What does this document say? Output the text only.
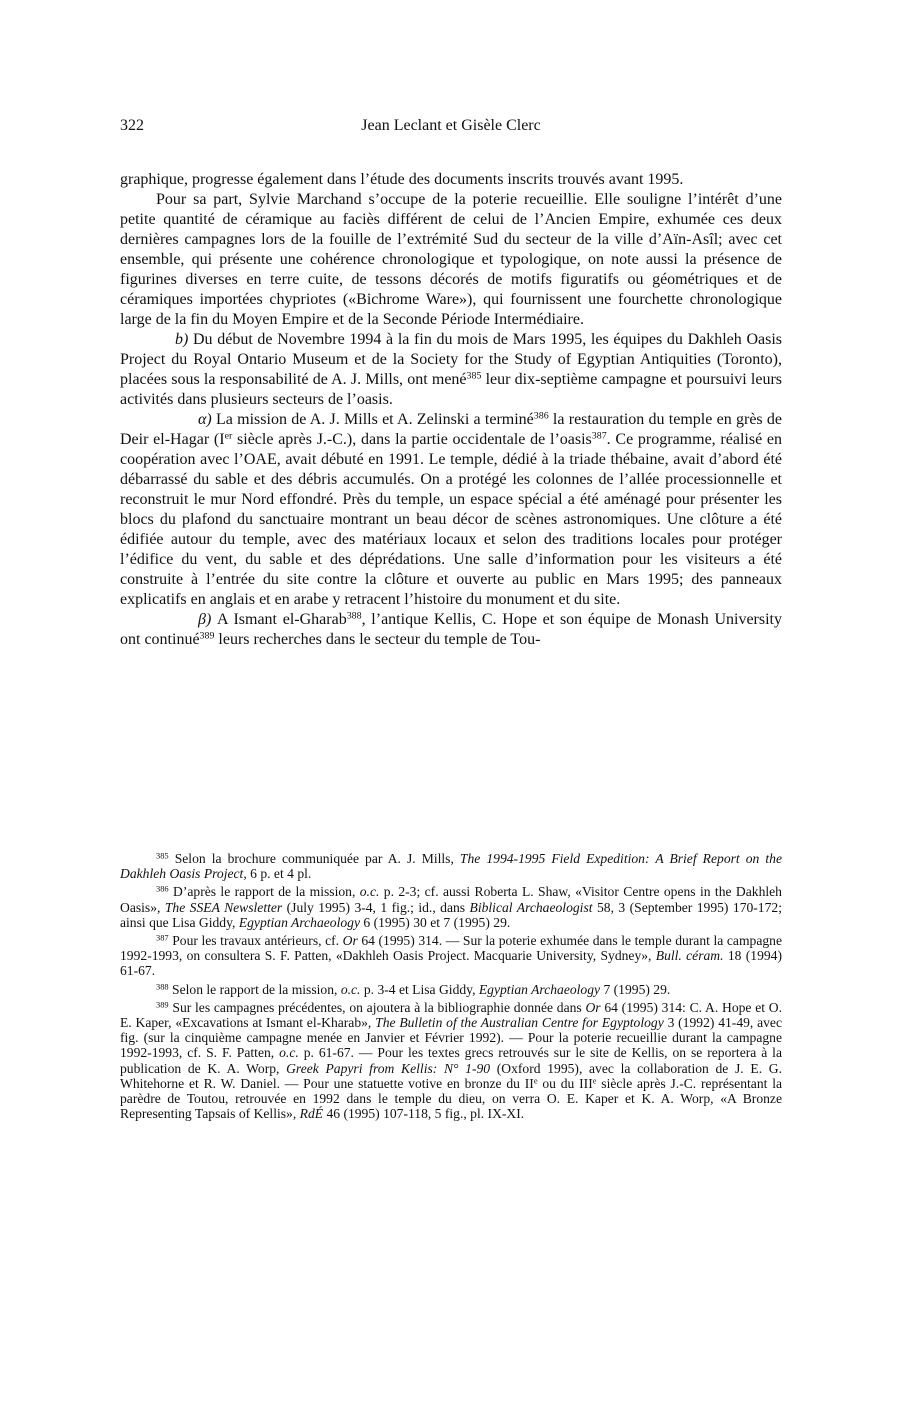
322	Jean Leclant et Gisèle Clerc

graphique, progresse également dans l’étude des documents inscrits trouvés avant 1995.

Pour sa part, Sylvie Marchand s’occupe de la poterie recueillie. Elle souligne l’intérêt d’une petite quantité de céramique au faciès différent de celui de l’Ancien Empire, exhumée ces deux dernières campagnes lors de la fouille de l’extrémité Sud du secteur de la ville d’Aïn-Asîl; avec cet ensemble, qui présente une cohérence chronologique et typologique, on note aussi la présence de figurines diverses en terre cuite, de tessons décorés de motifs figuratifs ou géométriques et de céramiques importées chypriotes («Bichrome Ware»), qui fournissent une fourchette chronologique large de la fin du Moyen Empire et de la Seconde Période Intermédiaire.

b) Du début de Novembre 1994 à la fin du mois de Mars 1995, les équipes du Dakhleh Oasis Project du Royal Ontario Museum et de la Society for the Study of Egyptian Antiquities (Toronto), placées sous la responsabilité de A. J. Mills, ont mené$^{385}$ leur dix-septième campagne et poursuivi leurs activités dans plusieurs secteurs de l’oasis.

α) La mission de A. J. Mills et A. Zelinski a terminé$^{386}$ la restauration du temple en grès de Deir el-Hagar (Ier siècle après J.-C.), dans la partie occidentale de l’oasis$^{387}$. Ce programme, réalisé en coopération avec l’OAE, avait débuté en 1991. Le temple, dédié à la triade thébaine, avait d’abord été débarrassé du sable et des débris accumulés. On a protégé les colonnes de l’allée processionnelle et reconstruit le mur Nord effondré. Près du temple, un espace spécial a été aménagé pour présenter les blocs du plafond du sanctuaire montrant un beau décor de scènes astronomiques. Une clôture a été édifiée autour du temple, avec des matériaux locaux et selon des traditions locales pour protéger l’édifice du vent, du sable et des déprédations. Une salle d’information pour les visiteurs a été construite à l’entrée du site contre la clôture et ouverte au public en Mars 1995; des panneaux explicatifs en anglais et en arabe y retracent l’histoire du monument et du site.

β) A Ismant el-Gharab$^{388}$, l’antique Kellis, C. Hope et son équipe de Monash University ont continué$^{389}$ leurs recherches dans le secteur du temple de Tou-

$^{385}$ Selon la brochure communiquée par A. J. Mills, The 1994-1995 Field Expedition: A Brief Report on the Dakhleh Oasis Project, 6 p. et 4 pl.

$^{386}$ D’après le rapport de la mission, o.c. p. 2-3; cf. aussi Roberta L. Shaw, «Visitor Centre opens in the Dakhleh Oasis», The SSEA Newsletter (July 1995) 3-4, 1 fig.; id., dans Biblical Archaeologist 58, 3 (September 1995) 170-172; ainsi que Lisa Giddy, Egyptian Archaeology 6 (1995) 30 et 7 (1995) 29.

$^{387}$ Pour les travaux antérieurs, cf. Or 64 (1995) 314. — Sur la poterie exhumée dans le temple durant la campagne 1992-1993, on consultera S. F. Patten, «Dakhleh Oasis Project. Macquarie University, Sydney», Bull. céram. 18 (1994) 61-67.

$^{388}$ Selon le rapport de la mission, o.c. p. 3-4 et Lisa Giddy, Egyptian Archaeology 7 (1995) 29.

$^{389}$ Sur les campagnes précédentes, on ajoutera à la bibliographie donnée dans Or 64 (1995) 314: C. A. Hope et O. E. Kaper, «Excavations at Ismant el-Kharab», The Bulletin of the Australian Centre for Egyptology 3 (1992) 41-49, avec fig. (sur la cinquième campagne menée en Janvier et Février 1992). — Pour la poterie recueillie durant la campagne 1992-1993, cf. S. F. Patten, o.c. p. 61-67. — Pour les textes grecs retrouvés sur le site de Kellis, on se reportera à la publication de K. A. Worp, Greek Papyri from Kellis: N° 1-90 (Oxford 1995), avec la collaboration de J. E. G. Whitehorne et R. W. Daniel. — Pour une statuette votive en bronze du IIe ou du IIIe siècle après J.-C. représentant la parèdre de Toutou, retrouvée en 1992 dans le temple du dieu, on verra O. E. Kaper et K. A. Worp, «A Bronze Representing Tapsais of Kellis», RdÉ 46 (1995) 107-118, 5 fig., pl. IX-XI.
